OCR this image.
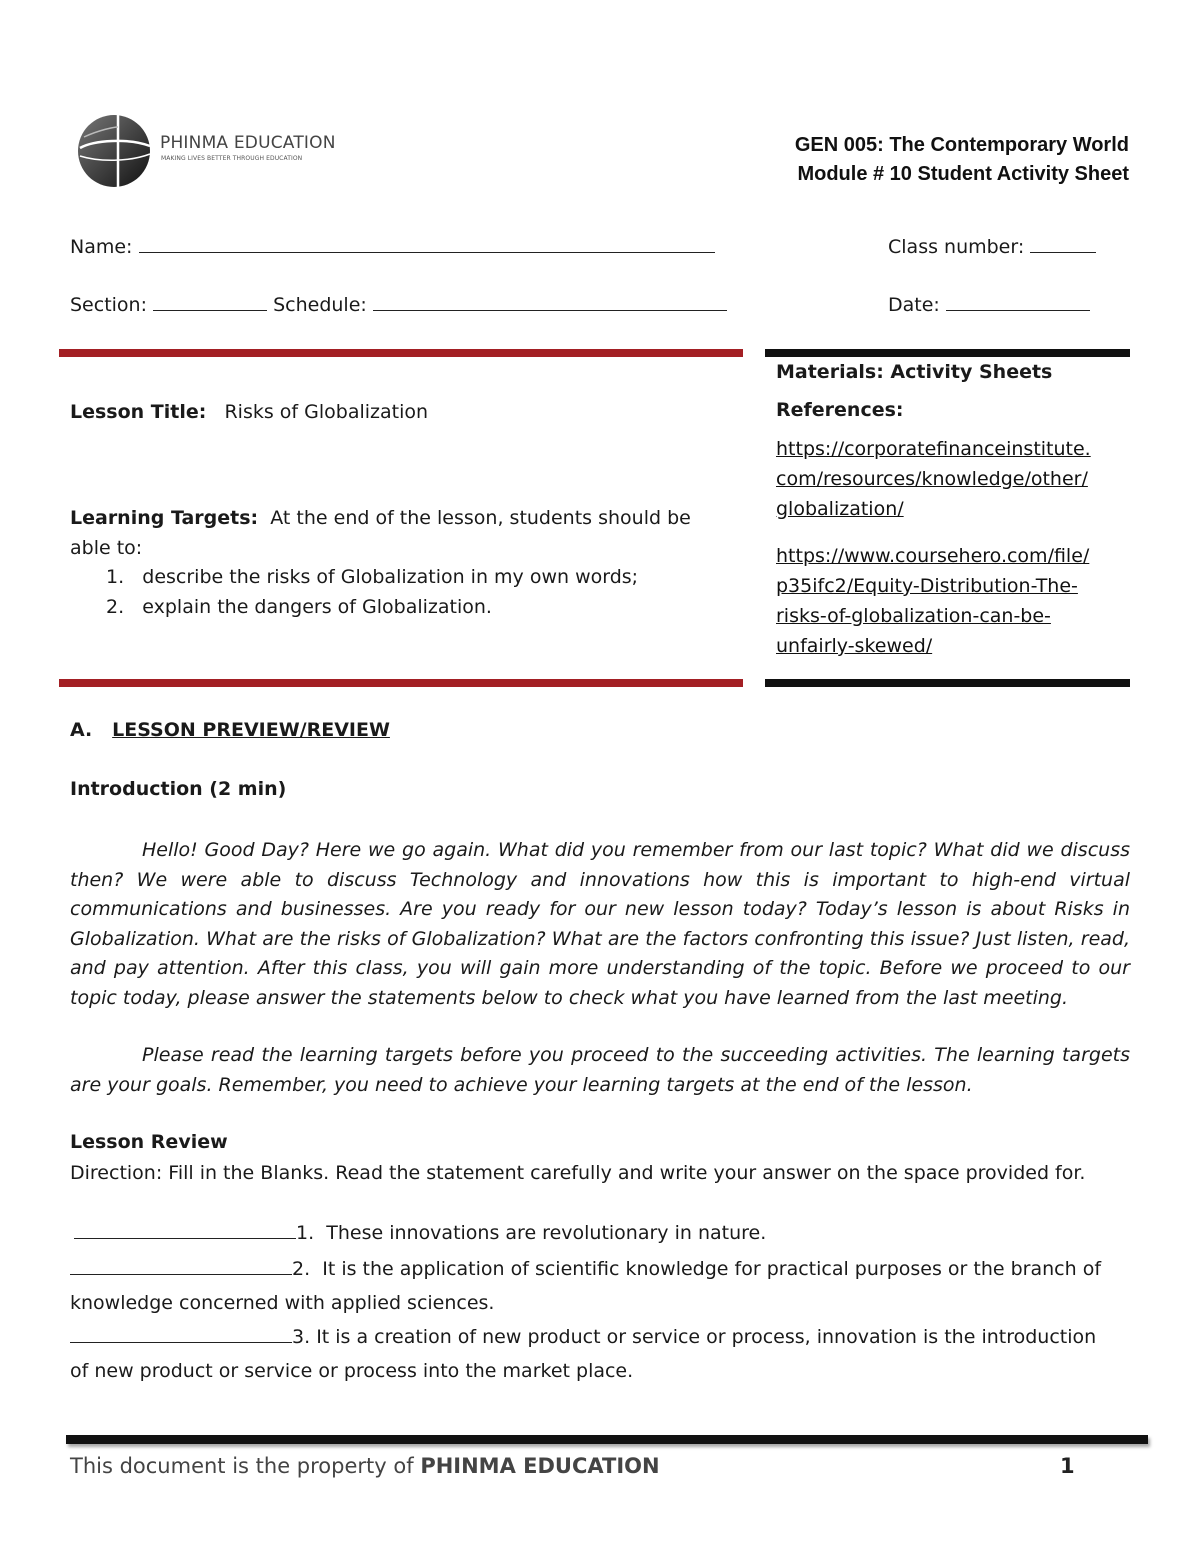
PHINMA EDUCATION
MAKING LIVES BETTER THROUGH EDUCATION
GEN 005: The Contemporary World
Module # 10 Student Activity Sheet
Name:	Class number:
Section:	Schedule:	Date:
Lesson Title: Risks of Globalization
Learning Targets: At the end of the lesson, students should be able to:
1. describe the risks of Globalization in my own words;
2. explain the dangers of Globalization.
Materials: Activity Sheets
References:
https://corporatefinanceinstitute.
com/resources/knowledge/other/
globalization/
https://www.coursehero.com/file/
p35ifc2/Equity-Distribution-The-
risks-of-globalization-can-be-
unfairly-skewed/
A. LESSON PREVIEW/REVIEW
Introduction (2 min)
Hello! Good Day? Here we go again. What did you remember from our last topic? What did we discuss then? We were able to discuss Technology and innovations how this is important to high-end virtual communications and businesses. Are you ready for our new lesson today? Today’s lesson is about Risks in Globalization. What are the risks of Globalization? What are the factors confronting this issue? Just listen, read, and pay attention. After this class, you will gain more understanding of the topic. Before we proceed to our topic today, please answer the statements below to check what you have learned from the last meeting.
Please read the learning targets before you proceed to the succeeding activities. The learning targets are your goals. Remember, you need to achieve your learning targets at the end of the lesson.
Lesson Review
Direction: Fill in the Blanks. Read the statement carefully and write your answer on the space provided for.
1. These innovations are revolutionary in nature.
2. It is the application of scientific knowledge for practical purposes or the branch of knowledge concerned with applied sciences.
3. It is a creation of new product or service or process, innovation is the introduction of new product or service or process into the market place.
This document is the property of PHINMA EDUCATION	1
